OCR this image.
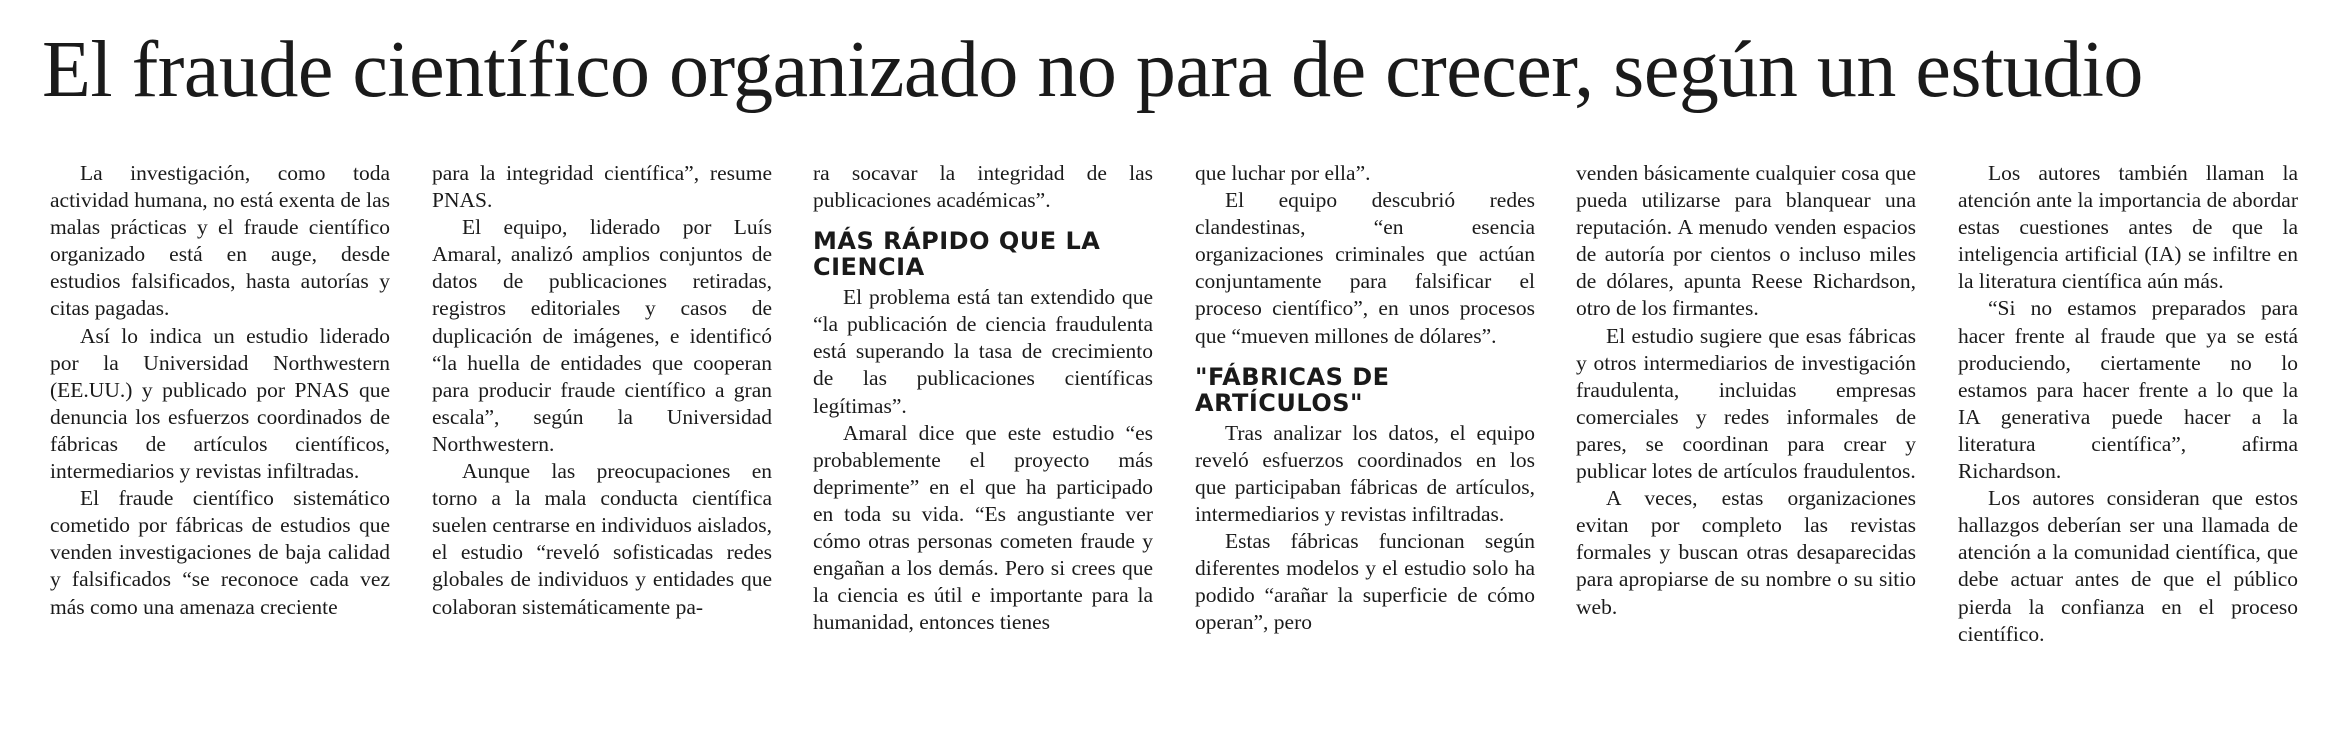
El fraude científico organizado no para de crecer, según un estudio

La investigación, como toda actividad humana, no está exenta de las malas prácticas y el fraude científico organizado está en auge, desde estudios falsificados, hasta autorías y citas pagadas.

Así lo indica un estudio liderado por la Universidad Northwestern (EE.UU.) y publicado por PNAS que denuncia los esfuerzos coordinados de fábricas de artículos científicos, intermediarios y revistas infiltradas.

El fraude científico sistemático cometido por fábricas de estudios que venden investigaciones de baja calidad y falsificados “se reconoce cada vez más como una amenaza creciente

para la integridad científica”, resume PNAS.

El equipo, liderado por Luís Amaral, analizó amplios conjuntos de datos de publicaciones retiradas, registros editoriales y casos de duplicación de imágenes, e identificó “la huella de entidades que cooperan para producir fraude científico a gran escala”, según la Universidad Northwestern.

Aunque las preocupaciones en torno a la mala conducta científica suelen centrarse en individuos aislados, el estudio “reveló sofisticadas redes globales de individuos y entidades que colaboran sistemáticamente pa-

ra socavar la integridad de las publicaciones académicas”.

MÁS RÁPIDO QUE LA CIENCIA

El problema está tan extendido que “la publicación de ciencia fraudulenta está superando la tasa de crecimiento de las publicaciones científicas legítimas”.

Amaral dice que este estudio “es probablemente el proyecto más deprimente” en el que ha participado en toda su vida. “Es angustiante ver cómo otras personas cometen fraude y engañan a los demás. Pero si crees que la ciencia es útil e importante para la humanidad, entonces tienes

que luchar por ella”.

El equipo descubrió redes clandestinas, “en esencia organizaciones criminales que actúan conjuntamente para falsificar el proceso científico”, en unos procesos que “mueven millones de dólares”.

"FÁBRICAS DE ARTÍCULOS"

Tras analizar los datos, el equipo reveló esfuerzos coordinados en los que participaban fábricas de artículos, intermediarios y revistas infiltradas.

Estas fábricas funcionan según diferentes modelos y el estudio solo ha podido “arañar la superficie de cómo operan”, pero

venden básicamente cualquier cosa que pueda utilizarse para blanquear una reputación. A menudo venden espacios de autoría por cientos o incluso miles de dólares, apunta Reese Richardson, otro de los firmantes.

El estudio sugiere que esas fábricas y otros intermediarios de investigación fraudulenta, incluidas empresas comerciales y redes informales de pares, se coordinan para crear y publicar lotes de artículos fraudulentos.

A veces, estas organizaciones evitan por completo las revistas formales y buscan otras desaparecidas para apropiarse de su nombre o su sitio web.

Los autores también llaman la atención ante la importancia de abordar estas cuestiones antes de que la inteligencia artificial (IA) se infiltre en la literatura científica aún más.

“Si no estamos preparados para hacer frente al fraude que ya se está produciendo, ciertamente no lo estamos para hacer frente a lo que la IA generativa puede hacer a la literatura científica”, afirma Richardson.

Los autores consideran que estos hallazgos deberían ser una llamada de atención a la comunidad científica, que debe actuar antes de que el público pierda la confianza en el proceso científico.
